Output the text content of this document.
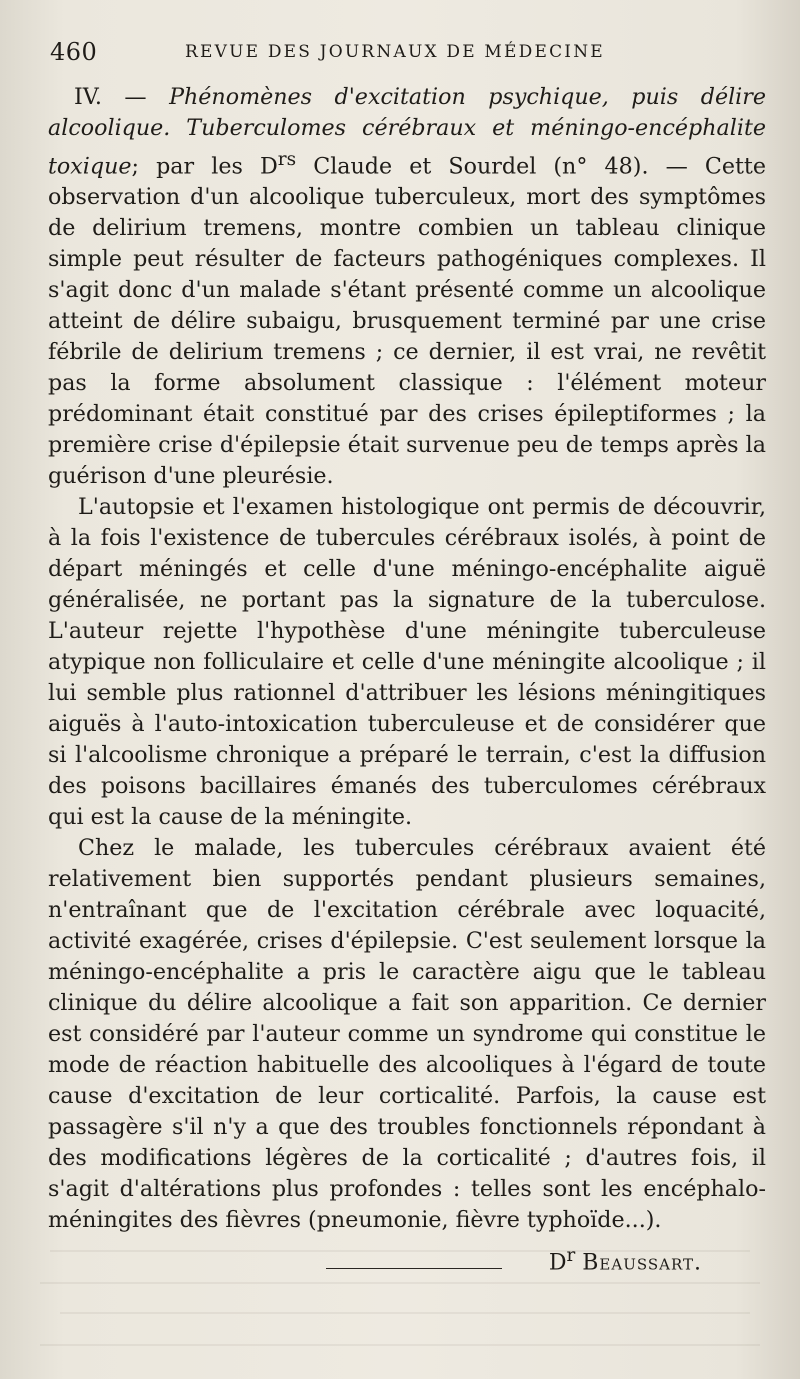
460	REVUE DES JOURNAUX DE MÉDECINE

IV. — Phénomènes d'excitation psychique, puis délire alcoolique. Tuberculomes cérébraux et méningo-encéphalite toxique; par les $D^{rs}$ Claude et Sourdel (n° 48). — Cette observation d'un alcoolique tuberculeux, mort des symptômes de delirium tremens, montre combien un tableau clinique simple peut résulter de facteurs pathogéniques complexes. Il s'agit donc d'un malade s'étant présenté comme un alcoolique atteint de délire subaigu, brusquement terminé par une crise fébrile de delirium tremens ; ce dernier, il est vrai, ne revêtit pas la forme absolument classique : l'élément moteur prédominant était constitué par des crises épileptiformes ; la première crise d'épilepsie était survenue peu de temps après la guérison d'une pleurésie.

L'autopsie et l'examen histologique ont permis de découvrir, à la fois l'existence de tubercules cérébraux isolés, à point de départ méningés et celle d'une méningo-encéphalite aiguë généralisée, ne portant pas la signature de la tuberculose. L'auteur rejette l'hypothèse d'une méningite tuberculeuse atypique non folliculaire et celle d'une méningite alcoolique ; il lui semble plus rationnel d'attribuer les lésions méningitiques aiguës à l'auto-intoxication tuberculeuse et de considérer que si l'alcoolisme chronique a préparé le terrain, c'est la diffusion des poisons bacillaires émanés des tuberculomes cérébraux qui est la cause de la méningite.

Chez le malade, les tubercules cérébraux avaient été relativement bien supportés pendant plusieurs semaines, n'entraînant que de l'excitation cérébrale avec loquacité, activité exagérée, crises d'épilepsie. C'est seulement lorsque la méningo-encéphalite a pris le caractère aigu que le tableau clinique du délire alcoolique a fait son apparition. Ce dernier est considéré par l'auteur comme un syndrome qui constitue le mode de réaction habituelle des alcooliques à l'égard de toute cause d'excitation de leur corticalité. Parfois, la cause est passagère s'il n'y a que des troubles fonctionnels répondant à des modifications légères de la corticalité ; d'autres fois, il s'agit d'altérations plus profondes : telles sont les encéphalo-méningites des fièvres (pneumonie, fièvre typhoïde...).

$D^r$ Beaussart.
